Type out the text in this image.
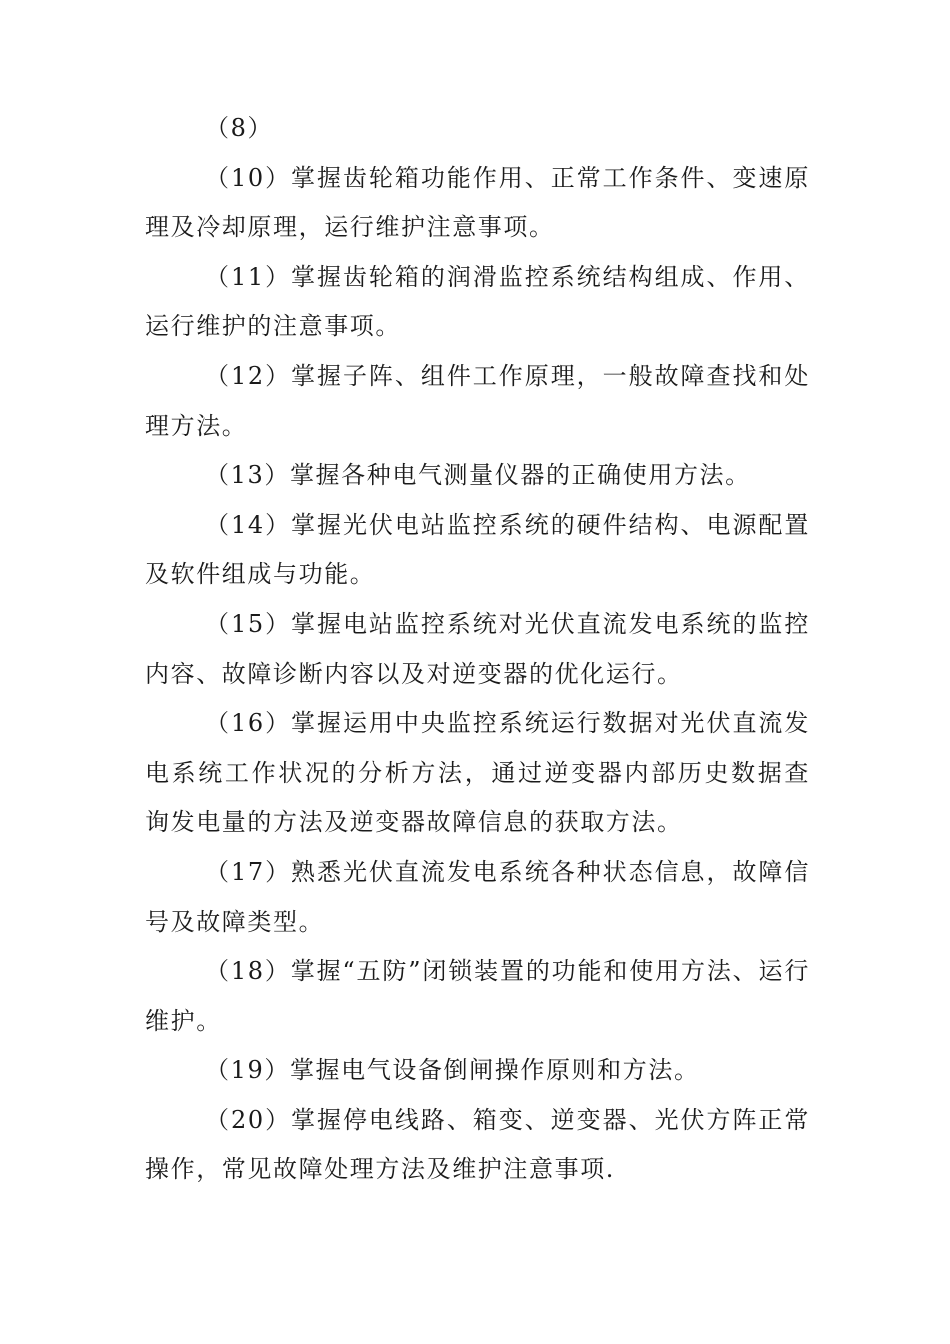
（8）

（10）掌握齿轮箱功能作用、正常工作条件、变速原理及冷却原理，运行维护注意事项。

（11）掌握齿轮箱的润滑监控系统结构组成、作用、运行维护的注意事项。

（12）掌握子阵、组件工作原理，一般故障查找和处理方法。

（13）掌握各种电气测量仪器的正确使用方法。

（14）掌握光伏电站监控系统的硬件结构、电源配置及软件组成与功能。

（15）掌握电站监控系统对光伏直流发电系统的监控内容、故障诊断内容以及对逆变器的优化运行。

（16）掌握运用中央监控系统运行数据对光伏直流发电系统工作状况的分析方法，通过逆变器内部历史数据查询发电量的方法及逆变器故障信息的获取方法。

（17）熟悉光伏直流发电系统各种状态信息，故障信号及故障类型。

（18）掌握“五防”闭锁装置的功能和使用方法、运行维护。

（19）掌握电气设备倒闸操作原则和方法。

（20）掌握停电线路、箱变、逆变器、光伏方阵正常操作，常见故障处理方法及维护注意事项.
